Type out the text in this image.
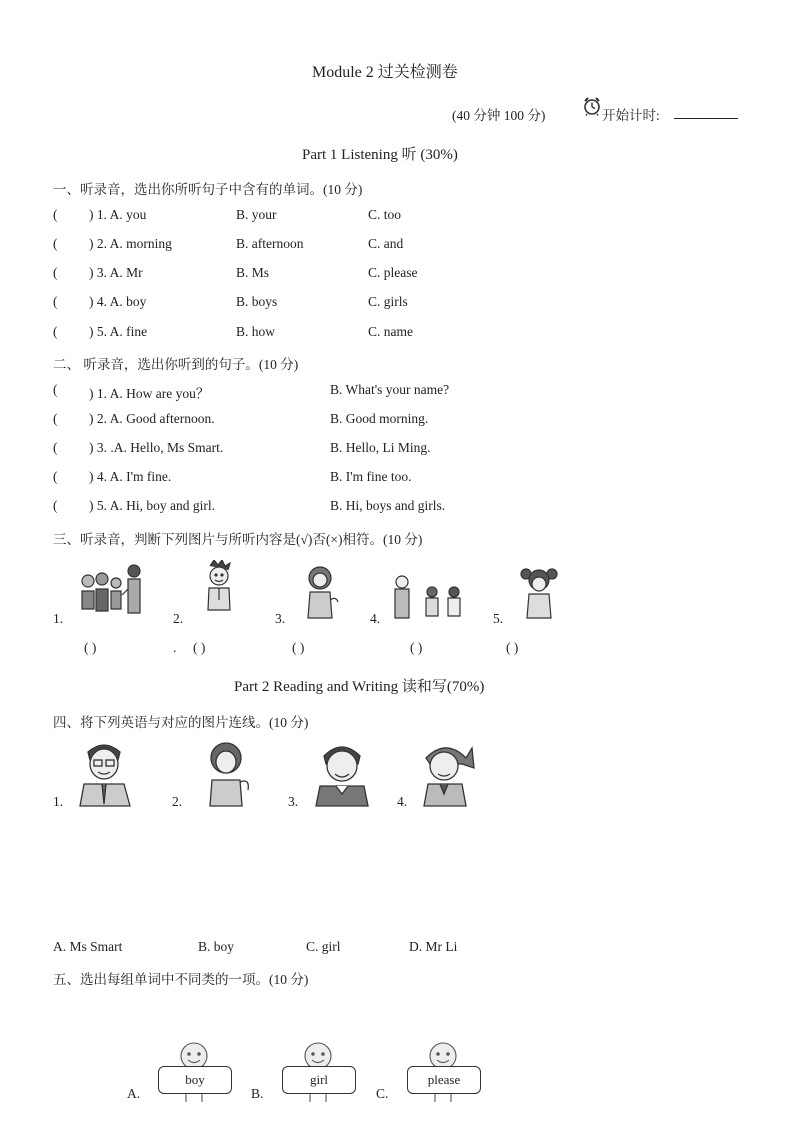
Module 2 过关检测卷
(40 分钟 100 分)	开始计时:
Part 1 Listening 听 (30%)
一、听录音，选出你所听句子中含有的单词。(10 分)
( ) 1. A. you	B. your	C. too
( ) 2. A. morning	B. afternoon	C. and
( ) 3. A. Mr	B. Ms	C. please
( ) 4. A. boy	B. boys	C. girls
( ) 5. A. fine	B. how	C. name
二、 听录音，选出你听到的句子。(10 分)
( ) 1. A. How are you？	B. What's your name?
( ) 2. A. Good afternoon.	B. Good morning.
( ) 3. .A. Hello, Ms Smart.	B. Hello, Li Ming.
( ) 4. A. I'm fine.	B. I'm fine too.
( ) 5. A. Hi, boy and girl.	B. Hi, boys and girls.
三、听录音，判断下列图片与所听内容是(√)否(×)相符。(10 分)
1.	2.	3.	4.	5.
( )	. ( )	( )	( )	( )
Part 2 Reading and Writing 读和写(70%)
四、将下列英语与对应的图片连线。(10 分)
1.	2.	3.	4.
A. Ms Smart	B. boy	C. girl	D. Mr Li
五、选出每组单词中不同类的一项。(10 分)
A.
boy
B.
girl
C.
please
